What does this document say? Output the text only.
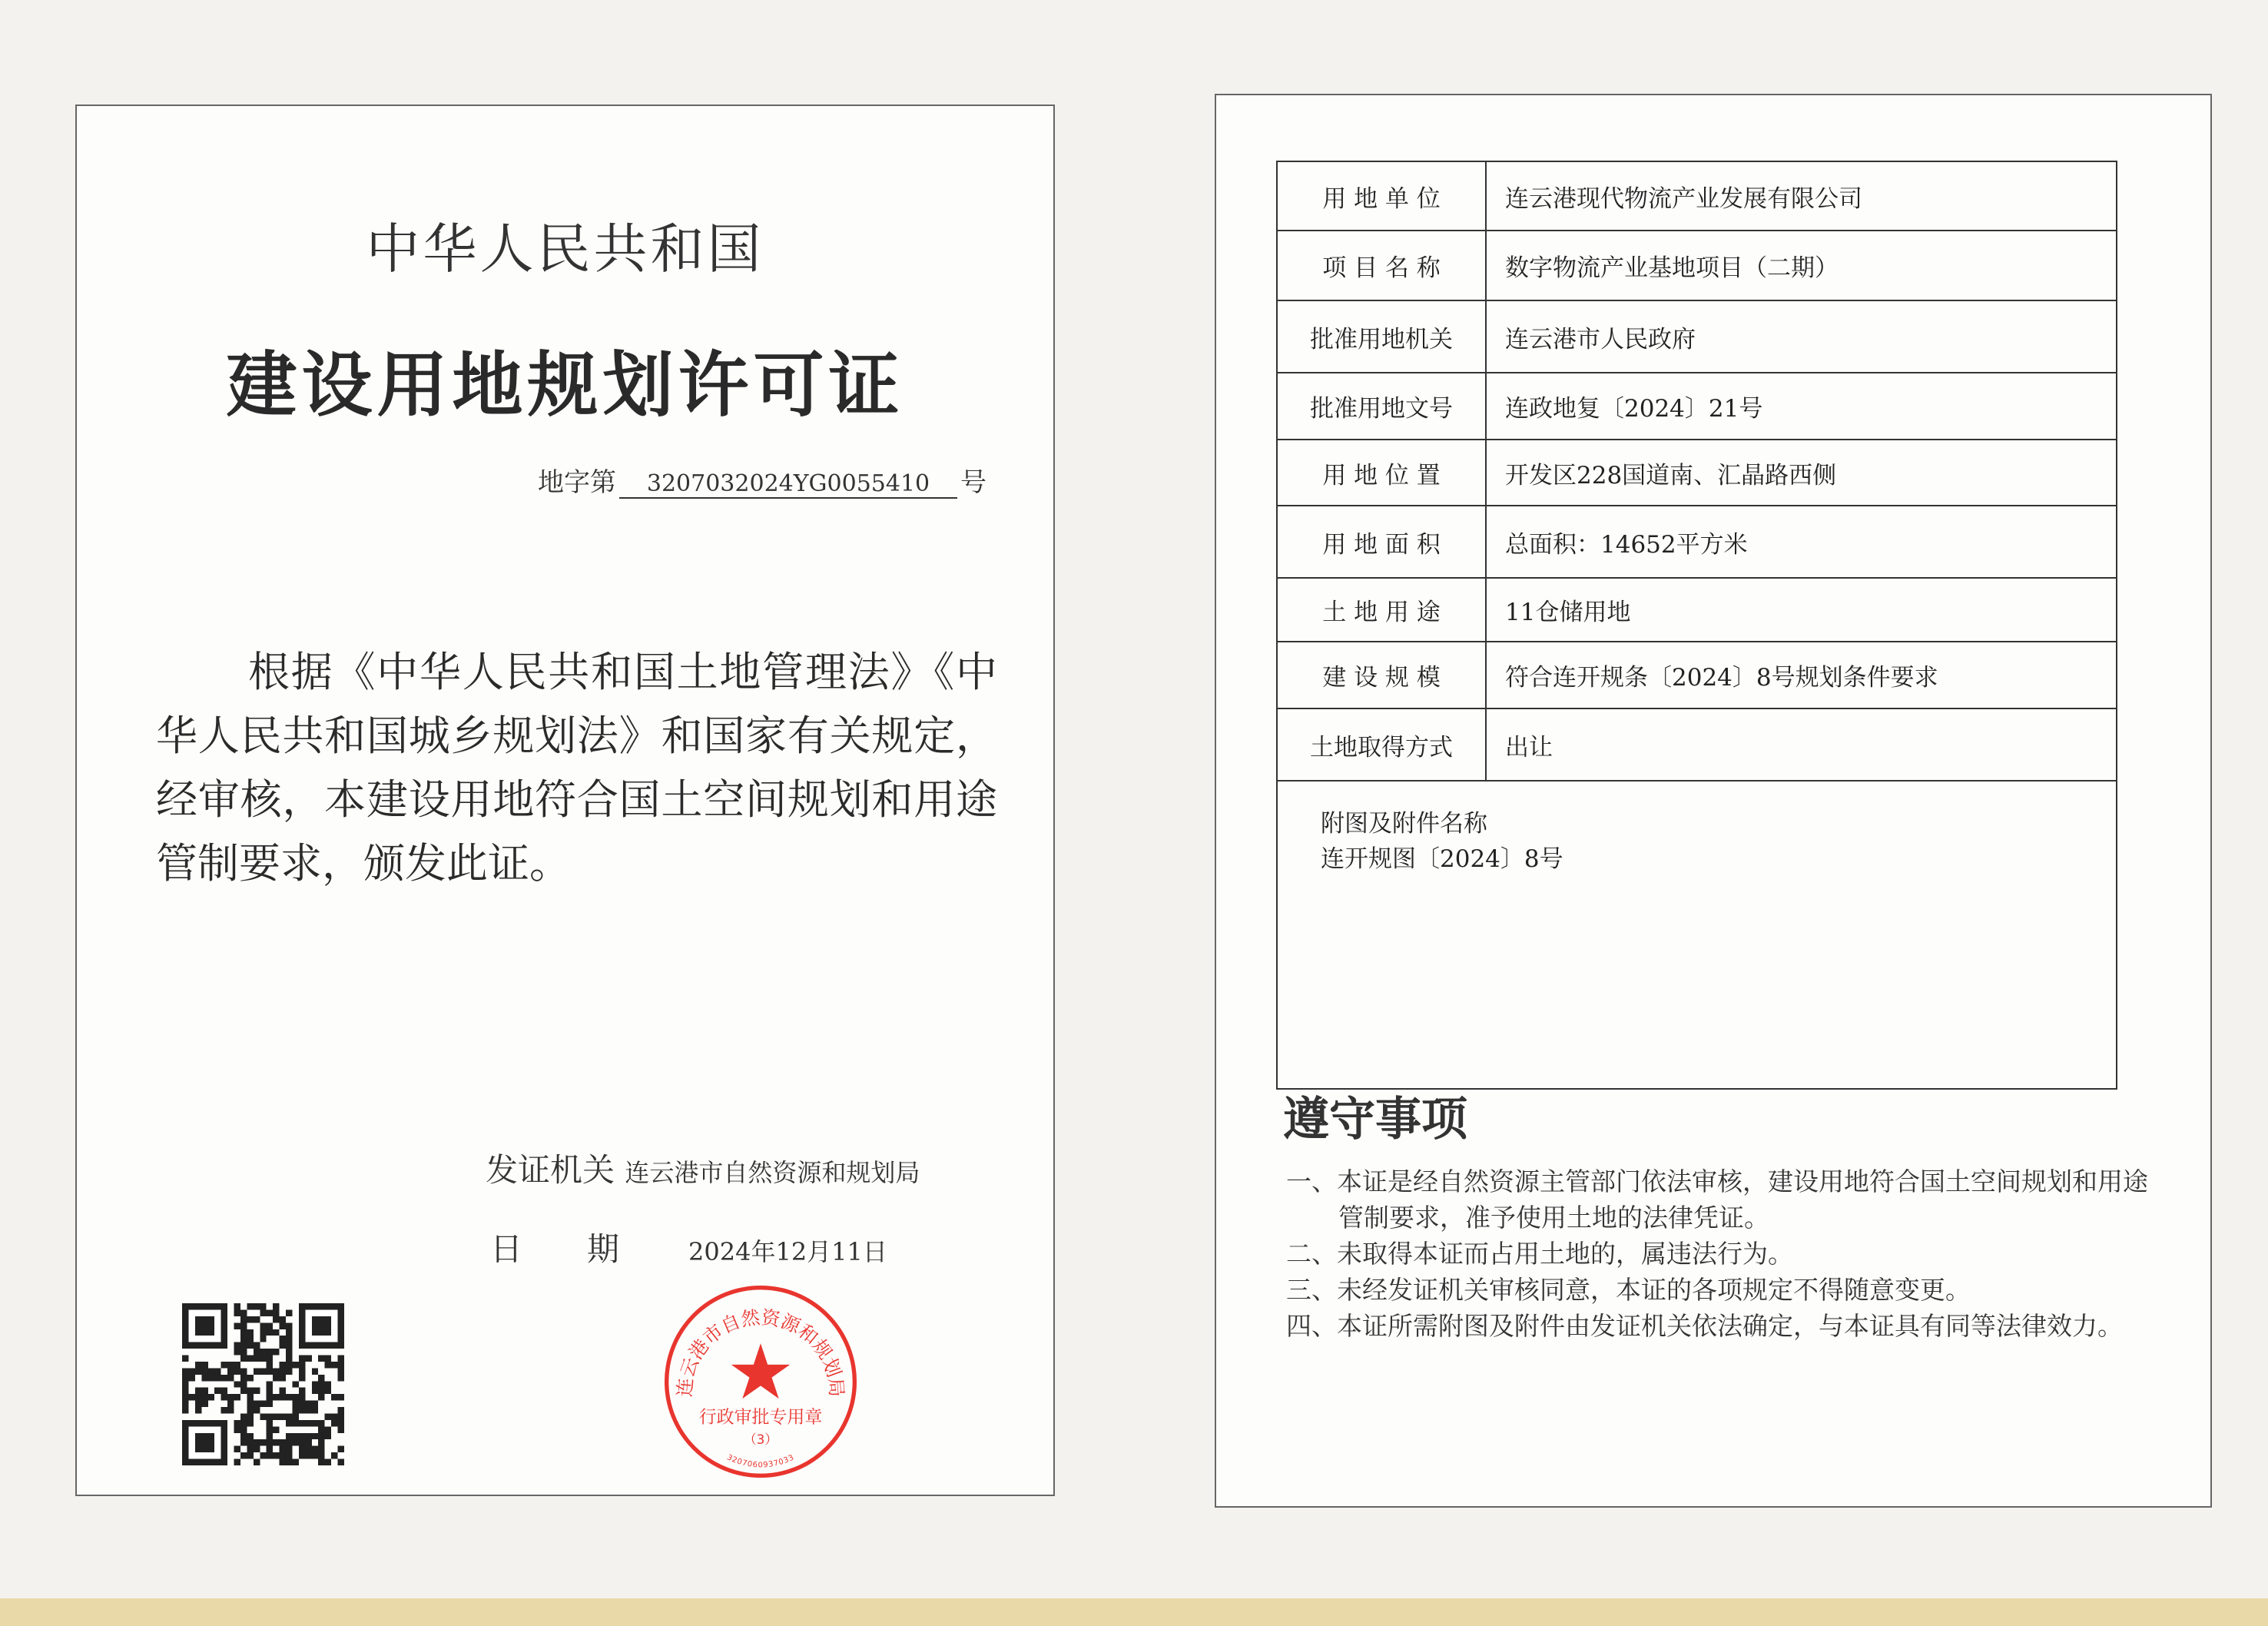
中华人民共和国
建设用地规划许可证
地字第 3207032024YG0055410 号
根据《中华人民共和国土地管理法》《中华人民共和国城乡规划法》和国家有关规定，经审核，本建设用地符合国土空间规划和用途管制要求，颁发此证。
发证机关 连云港市自然资源和规划局
日　　期	2024年12月11日
连云港市自然资源和规划局
行政审批专用章
（3）
3207060937033
用 地 单 位	连云港现代物流产业发展有限公司
项 目 名 称	数字物流产业基地项目（二期）
批准用地机关	连云港市人民政府
批准用地文号	连政地复〔2024〕21号
用 地 位 置	开发区228国道南、汇晶路西侧
用 地 面 积	总面积：14652平方米
土 地 用 途	11仓储用地
建 设 规 模	符合连开规条〔2024〕8号规划条件要求
土地取得方式	出让

附图及附件名称
连开规图〔2024〕8号	
遵守事项
一、本证是经自然资源主管部门依法审核，建设用地符合国土空间规划和用途管制要求，准予使用土地的法律凭证。
二、未取得本证而占用土地的，属违法行为。
三、未经发证机关审核同意，本证的各项规定不得随意变更。
四、本证所需附图及附件由发证机关依法确定，与本证具有同等法律效力。
